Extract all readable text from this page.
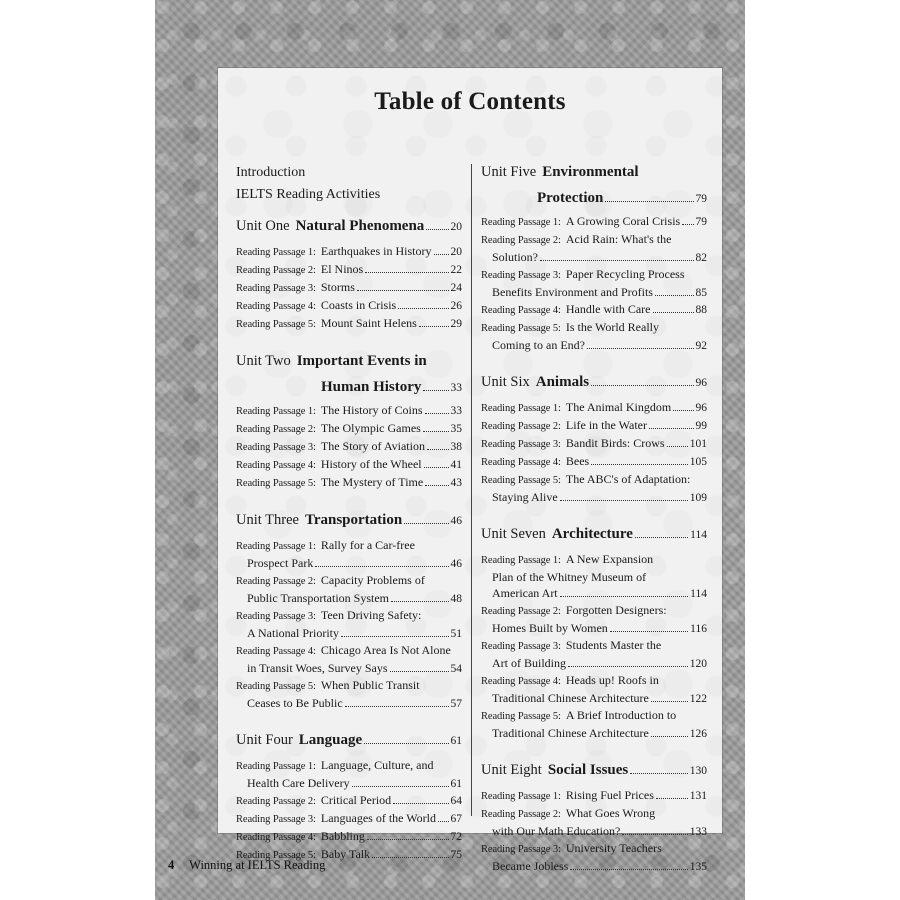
Table of Contents
Introduction
IELTS Reading Activities
Unit One Natural Phenomena 20
Reading Passage 1: Earthquakes in History 20
Reading Passage 2: El Ninos	22
Reading Passage 3: Storms	24
Reading Passage 4: Coasts in Crisis	26
Reading Passage 5: Mount Saint Helens	29
Unit Two Important Events in
Human History	33
Reading Passage 1: The History of Coins 33
Reading Passage 2: The Olympic Games	35
Reading Passage 3: The Story of Aviation 38
Reading Passage 4: History of the Wheel	41
Reading Passage 5: The Mystery of Time 43
Unit Three Transportation	46
Reading Passage 1: Rally for a Car-free
Prospect Park	46
Reading Passage 2: Capacity Problems of
Public Transportation System	48
Reading Passage 3: Teen Driving Safety:
A National Priority	51
Reading Passage 4: Chicago Area Is Not Alone
in Transit Woes, Survey Says	54
Reading Passage 5: When Public Transit
Ceases to Be Public	57
Unit Four Language	61
Reading Passage 1: Language, Culture, and
Health Care Delivery	61
Reading Passage 2: Critical Period	64
Reading Passage 3: Languages of the World 67
Reading Passage 4: Babbling	72
Reading Passage 5: Baby Talk	75
Unit Five Environmental
Protection	79
Reading Passage 1: A Growing Coral Crisis 79
Reading Passage 2: Acid Rain: What's the
Solution?	82
Reading Passage 3: Paper Recycling Process
Benefits Environment and Profits	85
Reading Passage 4: Handle with Care	88
Reading Passage 5: Is the World Really
Coming to an End?	92
Unit Six Animals	96
Reading Passage 1: The Animal Kingdom 96
Reading Passage 2: Life in the Water	99
Reading Passage 3: Bandit Birds: Crows 101
Reading Passage 4: Bees	105
Reading Passage 5: The ABC's of Adaptation:
Staying Alive	109
Unit Seven Architecture	114
Reading Passage 1: A New Expansion
Plan of the Whitney Museum of
American Art	114
Reading Passage 2: Forgotten Designers:
Homes Built by Women	116
Reading Passage 3: Students Master the
Art of Building	120
Reading Passage 4: Heads up! Roofs in
Traditional Chinese Architecture	122
Reading Passage 5: A Brief Introduction to
Traditional Chinese Architecture	126
Unit Eight Social Issues	130
Reading Passage 1: Rising Fuel Prices	131
Reading Passage 2: What Goes Wrong
with Our Math Education?	133
Reading Passage 3: University Teachers
Became Jobless	135
4 Winning at IELTS Reading
